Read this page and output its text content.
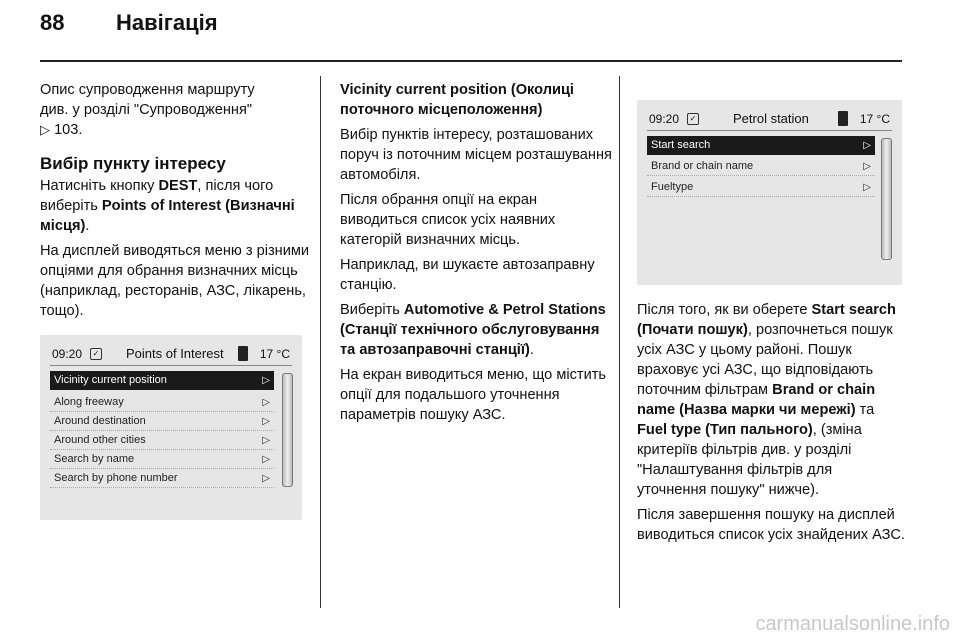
88 Навігація

Опис супроводження маршруту
див. у розділі "Супроводження"
▷ 103.

Вибір пункту інтересу

Натисніть кнопку DEST, після чого виберіть Points of Interest (Визначні місця).

На дисплей виводяться меню з різними опціями для обрання визначних місць (наприклад, ресторанів, АЗС, лікарень, тощо).

09:20	✓ Points of Interest	17 °C
Vicinity current position	▷
Along freeway	▷
Around destination	▷
Around other cities	▷
Search by name	▷
Search by phone number	▷

Vicinity current position (Околиці поточного місцеположення)

Вибір пунктів інтересу, розташованих поруч із поточним місцем розташування автомобіля.

Після обрання опції на екран виводиться список усіх наявних категорій визначних місць.

Наприклад, ви шукаєте автозаправну станцію.

Виберіть Automotive & Petrol Stations (Станції технічного обслуговування та автозаправочні станції).

На екран виводиться меню, що містить опції для подальшого уточнення параметрів пошуку АЗС.

09:20	✓	Petrol station	17 °C
Start search	▷
Brand or chain name	▷
Fueltype	▷

Після того, як ви оберете Start search (Почати пошук), розпочнеться пошук усіх АЗС у цьому районі. Пошук враховує усі АЗС, що відповідають поточним фільтрам Brand or chain name (Назва марки чи мережі) та Fuel type (Тип пального), (зміна критеріїв фільтрів див. у розділі "Налаштування фільтрів для уточнення пошуку" нижче).

Після завершення пошуку на дисплей виводиться список усіх знайдених АЗС.

carmanualsonline.info
